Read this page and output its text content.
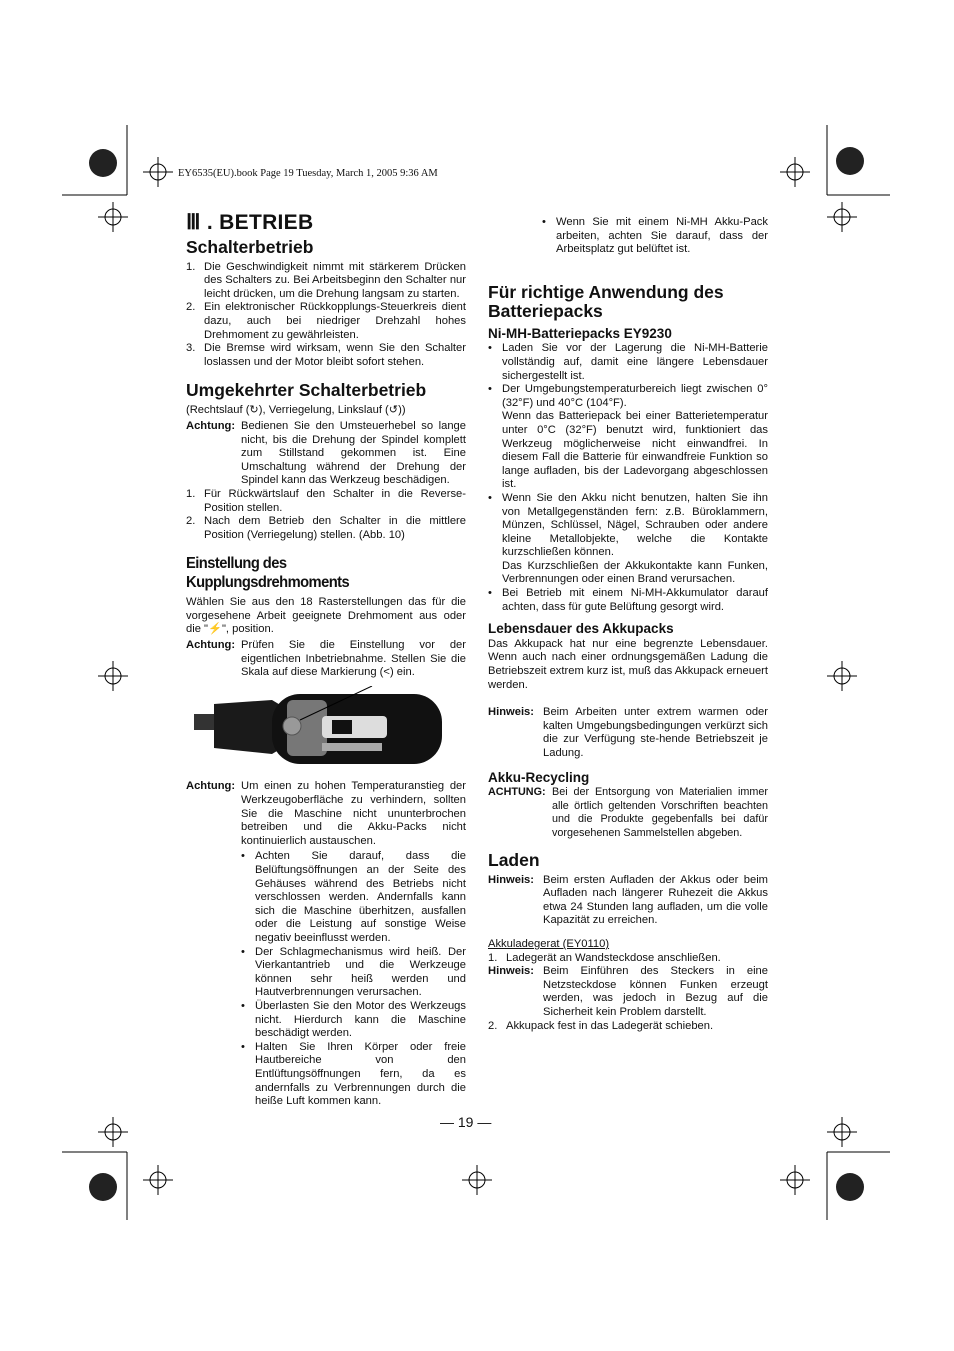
EY6535(EU).book Page 19 Tuesday, March 1, 2005 9:36 AM
Ⅲ . BETRIEB
Schalterbetrieb
1. Die Geschwindigkeit nimmt mit stärkerem Drücken des Schalters zu. Bei Arbeitsbeginn den Schalter nur leicht drücken, um die Drehung langsam zu starten.
2. Ein elektronischer Rückkopplungs-Steuerkreis dient dazu, auch bei niedriger Drehzahl hohes Drehmoment zu gewährleisten.
3. Die Bremse wird wirksam, wenn Sie den Schalter loslassen und der Motor bleibt sofort stehen.
Umgekehrter Schalterbetrieb

(Rechtslauf (↻), Verriegelung, Linkslauf (↺))

Achtung: Bedienen Sie den Umsteuerhebel so lange nicht, bis die Drehung der Spindel komplett zum Stillstand gekommen ist. Eine Umschaltung während der Drehung der Spindel kann das Werkzeug beschädigen.
1. Für Rückwärtslauf den Schalter in die Reverse-Position stellen.
2. Nach dem Betrieb den Schalter in die mittlere Position (Verriegelung) stellen. (Abb. 10)
Einstellung des Kupplungsdrehmoments

Wählen Sie aus den 18 Rasterstellungen das für die vorgesehene Arbeit geeignete Drehmoment aus oder die "⚡", position.

Achtung: Prüfen Sie die Einstellung vor der eigentlichen Inbetriebnahme. Stellen Sie die Skala auf diese Markierung (<) ein.
Achtung: Um einen zu hohen Temperaturanstieg der Werkzeugoberfläche zu verhindern, sollten Sie die Maschine nicht ununterbrochen betreiben und die Akku-Packs nicht kontinuierlich austauschen.
• Achten Sie darauf, dass die Belüftungsöffnungen an der Seite des Gehäuses während des Betriebs nicht verschlossen werden. Andernfalls kann sich die Maschine überhitzen, ausfallen oder die Leistung auf sonstige Weise negativ beeinflusst werden.
• Der Schlagmechanismus wird heiß. Der Vierkantantrieb und die Werkzeuge können sehr heiß werden und Hautverbrennungen verursachen.
• Überlasten Sie den Motor des Werkzeugs nicht. Hierdurch kann die Maschine beschädigt werden.
• Halten Sie Ihren Körper oder freie Hautbereiche von den Entlüftungsöffnungen fern, da es andernfalls zu Verbrennungen durch die heiße Luft kommen kann.
• Wenn Sie mit einem Ni-MH Akku-Pack arbeiten, achten Sie darauf, dass der Arbeitsplatz gut belüftet ist.
Für richtige Anwendung des Batteriepacks
Ni-MH-Batteriepacks EY9230
• Laden Sie vor der Lagerung die Ni-MH-Batterie vollständig auf, damit eine längere Lebensdauer sichergestellt ist.
• Der Umgebungstemperaturbereich liegt zwischen 0° (32°F) und 40°C (104°F).
Wenn das Batteriepack bei einer Batterietemperatur unter 0°C (32°F) benutzt wird, funktioniert das Werkzeug möglicherweise nicht einwandfrei. In diesem Fall die Batterie für einwandfreie Funktion so lange aufladen, bis der Ladevorgang abgeschlossen ist.
• Wenn Sie den Akku nicht benutzen, halten Sie ihn von Metallgegenständen fern: z.B. Büroklammern, Münzen, Schlüssel, Nägel, Schrauben oder andere kleine Metallobjekte, welche die Kontakte kurzschließen können.
Das Kurzschließen der Akkukontakte kann Funken, Verbrennungen oder einen Brand verursachen.
• Bei Betrieb mit einem Ni-MH-Akkumulator darauf achten, dass für gute Belüftung gesorgt wird.
Lebensdauer des Akkupacks

Das Akkupack hat nur eine begrenzte Lebensdauer. Wenn auch nach einer ordnungsgemäßen Ladung die Betriebszeit extrem kurz ist, muß das Akkupack erneuert werden.

Hinweis: Beim Arbeiten unter extrem warmen oder kalten Umgebungsbedingungen verkürzt sich die zur Verfügung ste-hende Betriebszeit je Ladung.
Akku-Recycling
ACHTUNG: Bei der Entsorgung von Materialien immer alle örtlich geltenden Vorschriften beachten und die Produkte gegebenfalls bei dafür vorgesehenen Sammelstellen abgeben.
Laden
Hinweis: Beim ersten Aufladen der Akkus oder beim Aufladen nach längerer Ruhezeit die Akkus etwa 24 Stunden lang aufladen, um die volle Kapazität zu erreichen.

Akkuladegerat (EY0110)

1. Ladegerät an Wandsteckdose anschließen.
Hinweis: Beim Einführen des Steckers in eine Netzsteckdose können Funken erzeugt werden, was jedoch in Bezug auf die Sicherheit kein Problem darstellt.
2. Akkupack fest in das Ladegerät schieben.
— 19 —
